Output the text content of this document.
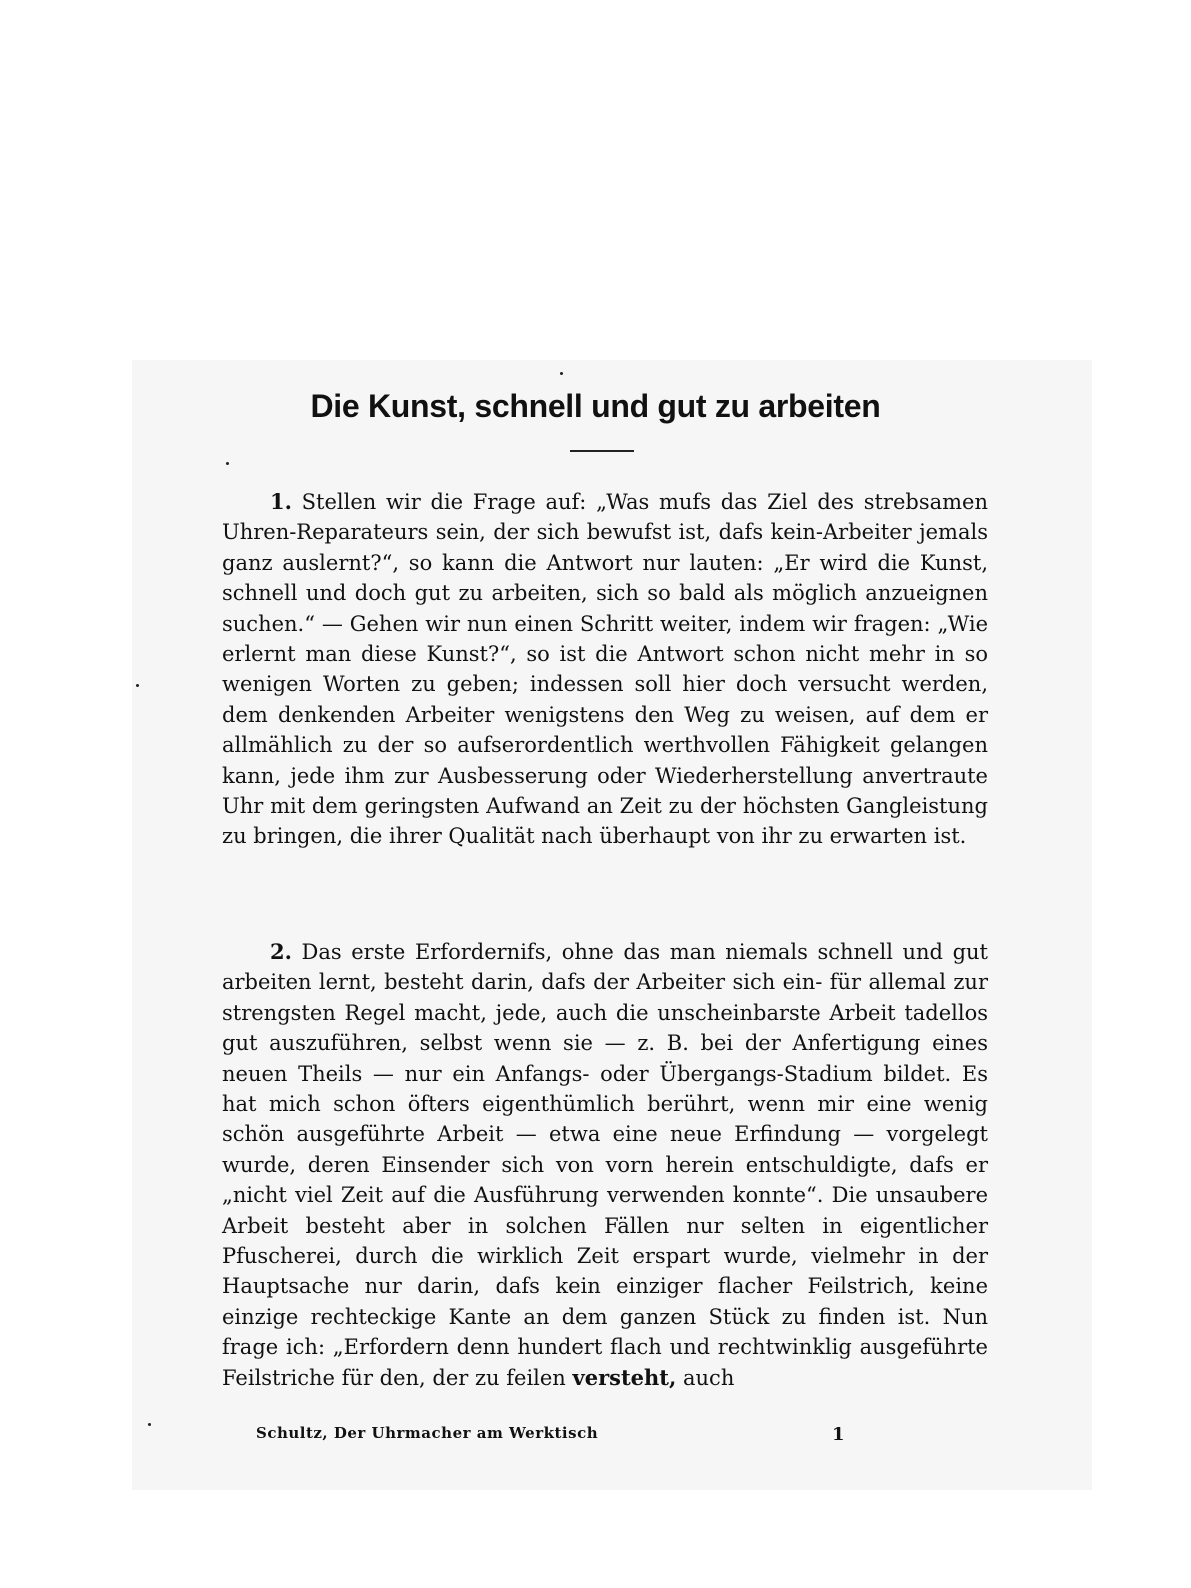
Die Kunst, schnell und gut zu arbeiten

1. Stellen wir die Frage auf: „Was mufs das Ziel des strebsamen Uhren-Reparateurs sein, der sich bewufst ist, dafs kein-Arbeiter jemals ganz auslernt?“, so kann die Antwort nur lauten: „Er wird die Kunst, schnell und doch gut zu arbeiten, sich so bald als möglich anzueignen suchen.“ — Gehen wir nun einen Schritt weiter, indem wir fragen: „Wie erlernt man diese Kunst?“, so ist die Antwort schon nicht mehr in so wenigen Worten zu geben; indessen soll hier doch versucht werden, dem denkenden Arbeiter wenigstens den Weg zu weisen, auf dem er allmählich zu der so aufserordentlich werthvollen Fähigkeit gelangen kann, jede ihm zur Ausbesserung oder Wiederherstellung anvertraute Uhr mit dem geringsten Aufwand an Zeit zu der höchsten Gangleistung zu bringen, die ihrer Qualität nach überhaupt von ihr zu erwarten ist.

2. Das erste Erfordernifs, ohne das man niemals schnell und gut arbeiten lernt, besteht darin, dafs der Arbeiter sich ein- für allemal zur strengsten Regel macht, jede, auch die unscheinbarste Arbeit tadellos gut auszuführen, selbst wenn sie — z. B. bei der Anfertigung eines neuen Theils — nur ein Anfangs- oder Übergangs-Stadium bildet. Es hat mich schon öfters eigenthümlich berührt, wenn mir eine wenig schön ausgeführte Arbeit — etwa eine neue Erfindung — vorgelegt wurde, deren Einsender sich von vorn herein entschuldigte, dafs er „nicht viel Zeit auf die Ausführung verwenden konnte“. Die unsaubere Arbeit besteht aber in solchen Fällen nur selten in eigentlicher Pfuscherei, durch die wirklich Zeit erspart wurde, vielmehr in der Hauptsache nur darin, dafs kein einziger flacher Feilstrich, keine einzige rechteckige Kante an dem ganzen Stück zu finden ist. Nun frage ich: „Erfordern denn hundert flach und rechtwinklig ausgeführte Feilstriche für den, der zu feilen versteht, auch

Schultz, Der Uhrmacher am Werktisch	1
